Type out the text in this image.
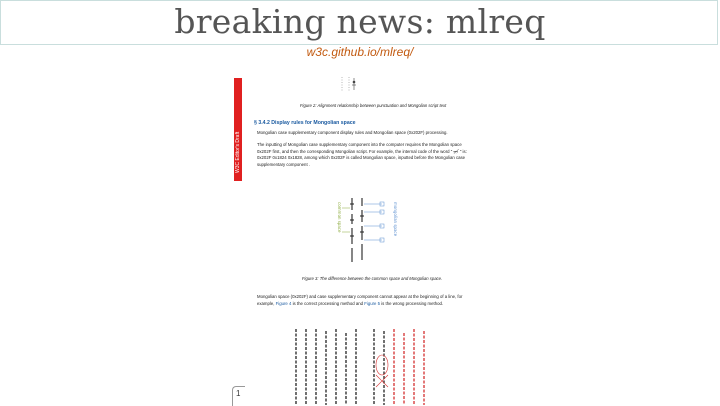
breaking news: mlreq
w3c.github.io/mlreq/
W3C Editor's Draft
Figure 2: Alignment relationship between punctuation and Mongolian script text
§ 3.4.2 Display rules for Mongolian space
Mongolian case supplementary component display rules and Mongolian space (0x202F) processing.
The inputting of Mongolian case supplementary component into the computer requires the Mongolian space 0x202F first, and then the corresponding Mongolian script. For example, the internal code of the word " ᠶᠢᠨ " is: 0x202F 0x1824 0x1828, among which 0x202F is called Mongolian space, inputted before the Mongolian case supplementary component .
common space	mongolian space
Figure 3: The difference between the common space and Mongolian space.
Mongolian space (0x202F) and case supplementary component cannot appear at the beginning of a line, for example, Figure 4 is the correct processing method and Figure 5 is the wrong processing method.
1
